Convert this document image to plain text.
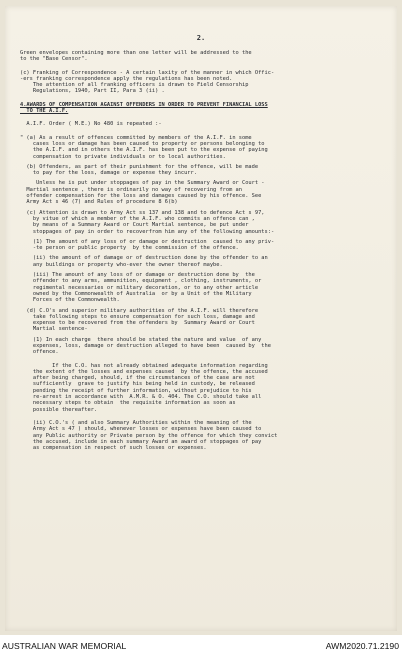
2.
Green envelopes containing more than one letter will be addressed to the
to the "Base Censor".
(c) Franking of Correspondence - A certain laxity of the manner in which Offic-
-ers franking correspondence apply the regulations has been noted.
The attention of all franking officers is drawn to Field Censorship
Regulations, 1940, Part II, Para 3 (ii) .
4.AWARDS OF COMPENSATION AGAINST OFFENDERS IN ORDER TO PREVENT FINANCIAL LOSS
TO THE A.I.F.
A.I.F. Order ( M.E.) No 480 is repeated :-
" (a) As a result of offences committed by members of the A.I.F. in some
cases loss or damage has been caused to property or persons belonging to
the A.I.F. and in others the A.I.F. has been put to the expense of paying
compensation to private individuals or to local authorities.
(b) Offenders, as part of their punishment for the offence, will be made
to pay for the loss, damage or expense they incurr.
Unless he is put under stoppages of pay in the Summary Award or Court -
Martial sentence , there is ordinarily no way of recovering from an
offender compensation for the loss and damages caused by his offence. See
Army Act s 46 (7) and Rules of procedure 8 6(b)
(c) Attention is drawn to Army Act ss 137 and 138 and to defence Act s 97,
by vitue of which a member of the A.I.F. who commits an offence can ,
by means of a Summary Award or Court Martial sentence, be put under
stoppages of pay in order to recoverfrom him any of the following amounts:-
(1) The amount of any loss of or damage or destruction  caused to any priv-
-te person or public property  by the commission of the offence.
(ii) the amount of of damage or of destruction done by the offender to an
any buildings or property who-ever the owner thereof maybe.
(iii) The amount of any loss of or damage or destruction done by  the
offender to any arms, ammunition, equipment , clothing, instruments, or
regimental necessaries or military decoration, or to any other article
owned by the Commonwealth of Australia  or by a Unit of the Military
Forces of the Commonwealth.
(d) C.O's and superior military authorities of the A.I.F. will therefore
take following steps to ensure compensation for such loss, damage and
expense to be recovered from the offenders by  Summary Award or Court
Martial sentence-
(1) In each charge  there should be stated the nature and value  of any
expenses, loss, damage or destruction alleged to have been  caused by  the
offence.
If the C.O. has not already obtained adequate information regarding
the extent of the losses and expenses caused  by the offence, the accused
after being charged, should, if the circumstances of the case are not
sufficiently  grave to justify his being held in custody, be released
pending the receipt of further information, without prejudice to his
re-arrest in accordance with  A.M.R. & O. 404. The C.O. should take all
necessary steps to obtain  the requisite information as soon as
possible thereafter.
(ii) C.O.'s ( and also Summary Authorities within the meaning of the
Army Act s 47 ) should, whenever losses or expenses have been caused to
any Public authority or Private person by the offence for which they convict
the accused, include in each summary Award an award of stoppages of pay
as compensation in respect of such losses or expenses.
AUSTRALIAN WAR MEMORIAL	AWM2020.71.2190
